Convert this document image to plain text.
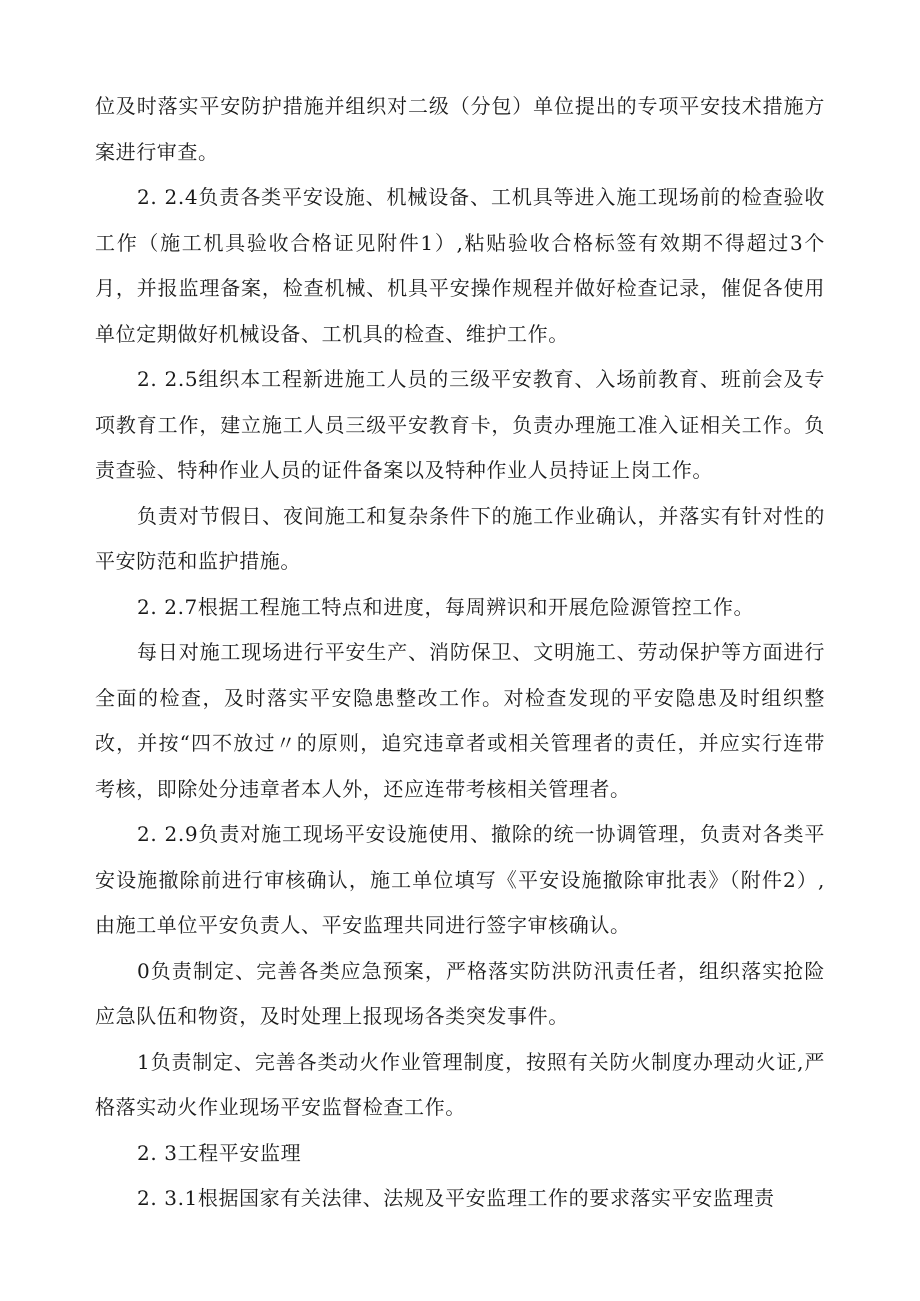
位及时落实平安防护措施并组织对二级（分包）单位提出的专项平安技术措施方案进行审查。

2. 2.4负责各类平安设施、机械设备、工机具等进入施工现场前的检查验收工作（施工机具验收合格证见附件1）,粘贴验收合格标签有效期不得超过3个月，并报监理备案，检查机械、机具平安操作规程并做好检查记录，催促各使用单位定期做好机械设备、工机具的检查、维护工作。

2. 2.5组织本工程新进施工人员的三级平安教育、入场前教育、班前会及专项教育工作，建立施工人员三级平安教育卡，负责办理施工准入证相关工作。负责查验、特种作业人员的证件备案以及特种作业人员持证上岗工作。

负责对节假日、夜间施工和复杂条件下的施工作业确认，并落实有针对性的平安防范和监护措施。

2. 2.7根据工程施工特点和进度，每周辨识和开展危险源管控工作。

每日对施工现场进行平安生产、消防保卫、文明施工、劳动保护等方面进行全面的检查，及时落实平安隐患整改工作。对检查发现的平安隐患及时组织整改，并按“四不放过〃的原则，追究违章者或相关管理者的责任，并应实行连带考核，即除处分违章者本人外，还应连带考核相关管理者。

2. 2.9负责对施工现场平安设施使用、撤除的统一协调管理，负责对各类平安设施撤除前进行审核确认，施工单位填写《平安设施撤除审批表》（附件2）,由施工单位平安负责人、平安监理共同进行签字审核确认。

0负责制定、完善各类应急预案，严格落实防洪防汛责任者，组织落实抢险应急队伍和物资，及时处理上报现场各类突发事件。

1负责制定、完善各类动火作业管理制度，按照有关防火制度办理动火证,严格落实动火作业现场平安监督检查工作。

2. 3工程平安监理

2. 3.1根据国家有关法律、法规及平安监理工作的要求落实平安监理责
